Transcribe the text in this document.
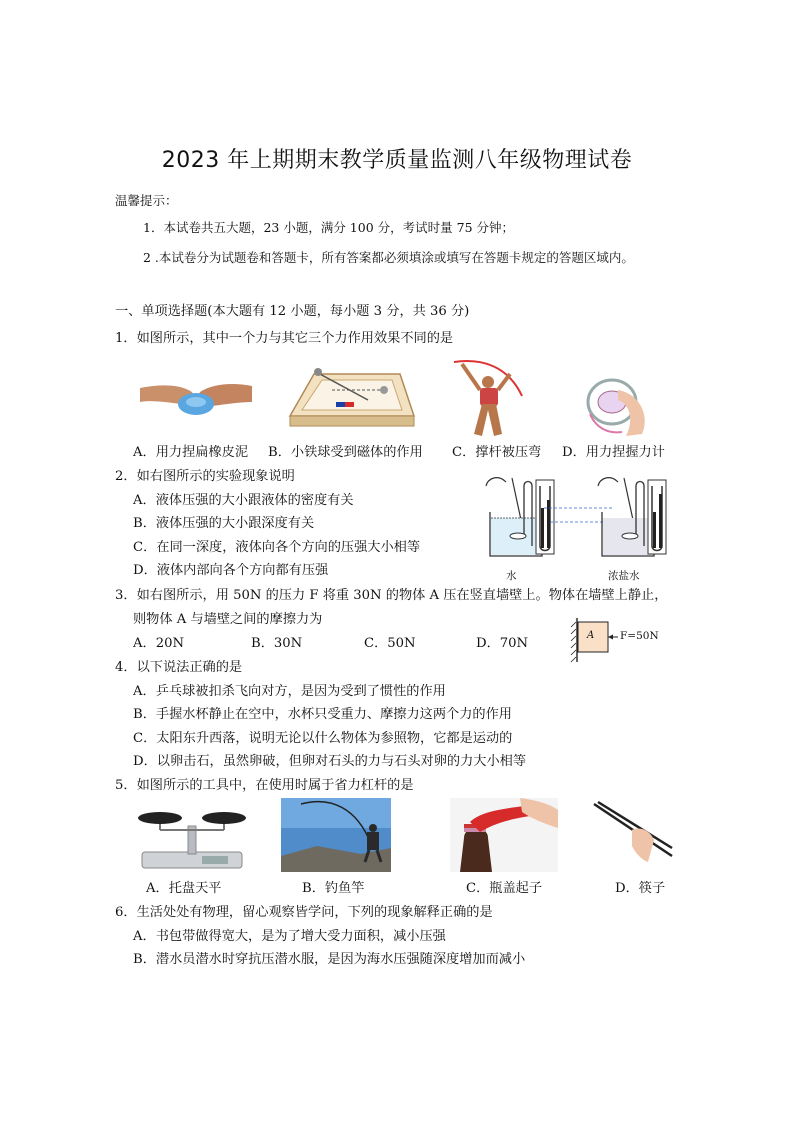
2023 年上期期末教学质量监测八年级物理试卷
温馨提示：
1．本试卷共五大题，23 小题，满分 100 分，考试时量 75 分钟；
2 .本试卷分为试题卷和答题卡，所有答案都必须填涂或填写在答题卡规定的答题区域内。
一、单项选择题(本大题有 12 小题，每小题 3 分，共 36 分)
1．如图所示，其中一个力与其它三个力作用效果不同的是
A．用力捏扁橡皮泥 B．小铁球受到磁体的作用 C．撑杆被压弯 D．用力捏握力计
2．如右图所示的实验现象说明
A．液体压强的大小跟液体的密度有关
B．液体压强的大小跟深度有关
C．在同一深度，液体向各个方向的压强大小相等
D．液体内部向各个方向都有压强	水	浓盐水
3．如右图所示，用 50N 的压力 F 将重 30N 的物体 A 压在竖直墙壁上。物体在墙壁上静止，
则物体 A 与墙壁之间的摩擦力为
A．20N	B．30N	C．50N	D．70N
A F=50N
4．以下说法正确的是
A．乒乓球被扣杀飞向对方，是因为受到了惯性的作用
B．手握水杯静止在空中，水杯只受重力、摩擦力这两个力的作用
C．太阳东升西落，说明无论以什么物体为参照物，它都是运动的
D．以卵击石，虽然卵破，但卵对石头的力与石头对卵的力大小相等
5．如图所示的工具中，在使用时属于省力杠杆的是
A．托盘天平	B．钓鱼竿	C．瓶盖起子	D．筷子
6．生活处处有物理，留心观察皆学问，下列的现象解释正确的是
A．书包带做得宽大，是为了增大受力面积，减小压强
B．潜水员潜水时穿抗压潜水服，是因为海水压强随深度增加而减小
